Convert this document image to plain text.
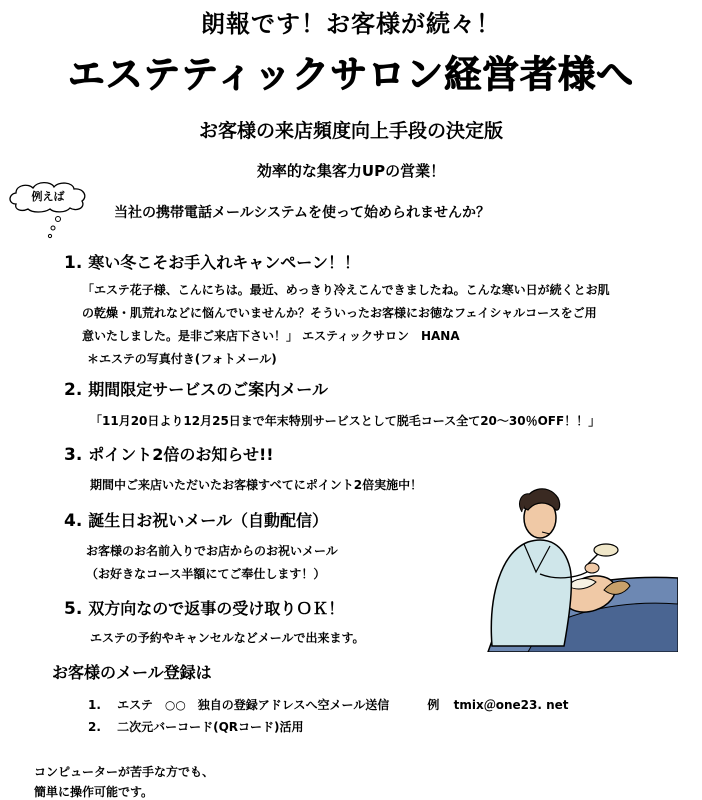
朗報です！お客様が続々！
エステティックサロン経営者様へ
お客様の来店頻度向上手段の決定版
効率的な集客力UPの営業！
例えば
当社の携帯電話メールシステムを使って始められませんか？
1. 寒い冬こそお手入れキャンペーン！！
「エステ花子様、こんにちは。最近、めっきり冷えこんできましたね。こんな寒い日が続くとお肌
の乾燥・肌荒れなどに悩んでいませんか？そういったお客様にお徳なフェイシャルコースをご用
意いたしました。是非ご来店下さい！」 エスティックサロン　HANA
＊エステの写真付き(フォトメール)
2. 期間限定サービスのご案内メール
「11月20日より12月25日まで年末特別サービスとして脱毛コース全て20～30％OFF！！」
3. ポイント2倍のお知らせ!!
期間中ご来店いただいたお客様すべてにポイント2倍実施中！
4. 誕生日お祝いメール（自動配信）
お客様のお名前入りでお店からのお祝いメール
（お好きなコース半額にてご奉仕します！）
5. 双方向なので返事の受け取りＯＫ！
エステの予約やキャンセルなどメールで出来ます。
お客様のメール登録は
1. エステ　○○　独自の登録アドレスへ空メール送信	例 tmix＠one23. net
2. 二次元バーコード(QRコード)活用
コンピューターが苦手な方でも、
簡単に操作可能です。
